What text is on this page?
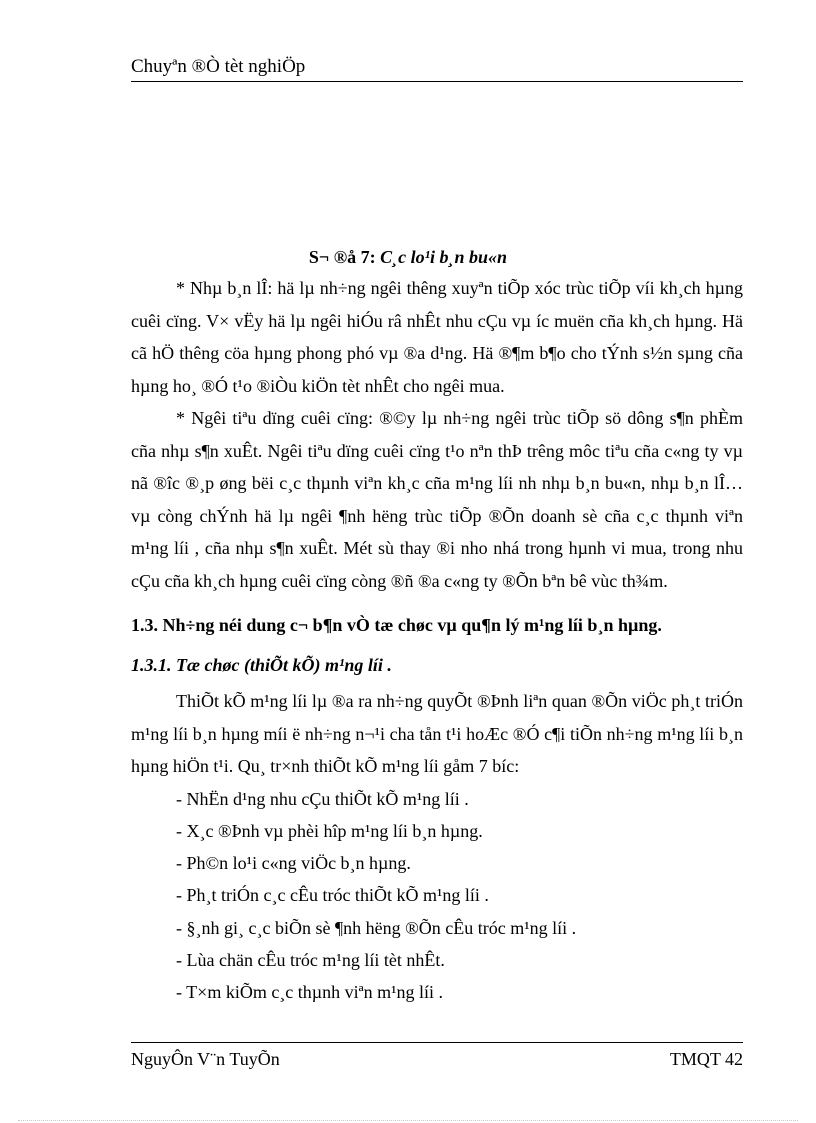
Chuyªn ®Ò tèt nghiÖp
S¬ ®å 7: C¸c lo¹i b¸n bu«n

* Nhµ b¸n lÎ: hä lµ nh÷ng ngêi thêng xuyªn tiÕp xóc trùc tiÕp víi kh¸ch hµng cuêi cïng. V× vËy hä lµ ngêi hiÓu râ nhÊt nhu cÇu vµ íc muën cña kh¸ch hµng. Hä cã hÖ thêng cöa hµng phong phó vµ ®a d¹ng. Hä ®¶m b¶o cho tÝnh s½n sµng cña hµng ho¸ ®Ó t¹o ®iÒu kiÖn tèt nhÊt cho ngêi mua.

* Ngêi tiªu dïng cuêi cïng: ®©y lµ nh÷ng ngêi trùc tiÕp sö dông s¶n phÈm cña nhµ s¶n xuÊt. Ngêi tiªu dïng cuêi cïng t¹o nªn thÞ trêng môc tiªu cña c«ng ty vµ nã ®îc ®¸p øng bëi c¸c thµnh viªn kh¸c cña m¹ng líi nh nhµ b¸n bu«n, nhµ b¸n lÎ… vµ còng chÝnh hä lµ ngêi ¶nh hëng trùc tiÕp ®Õn doanh sè cña c¸c thµnh viªn m¹ng líi , cña nhµ s¶n xuÊt. Mét sù thay ®i nho nhá trong hµnh vi mua, trong nhu cÇu cña kh¸ch hµng cuêi cïng còng ®ñ ®a c«ng ty ®Õn bªn bê vùc th¾m.

1.3. Nh÷ng néi dung c¬ b¶n vÒ tæ chøc vµ qu¶n lý m¹ng líi b¸n hµng.

1.3.1. Tæ chøc (thiÕt kÕ) m¹ng líi .

ThiÕt kÕ m¹ng líi lµ ®a ra nh÷ng quyÕt ®Þnh liªn quan ®Õn viÖc ph¸t triÓn m¹ng líi b¸n hµng míi ë nh÷ng n¬¹i cha tån t¹i hoÆc ®Ó c¶i tiÕn nh÷ng m¹ng líi b¸n hµng hiÖn t¹i. Qu¸ tr×nh thiÕt kÕ m¹ng líi gåm 7 bíc:

- NhËn d¹ng nhu cÇu thiÕt kÕ m¹ng líi .

- X¸c ®Þnh vµ phèi hîp m¹ng líi b¸n hµng.

- Ph©n lo¹i c«ng viÖc b¸n hµng.

- Ph¸t triÓn c¸c cÊu tróc thiÕt kÕ m¹ng líi .

- §¸nh gi¸ c¸c biÕn sè ¶nh hëng ®Õn cÊu tróc m¹ng líi .

- Lùa chän cÊu tróc m¹ng líi tèt nhÊt.

- T×m kiÕm c¸c thµnh viªn m¹ng líi .

NguyÔn V¨n TuyÕn	TMQT 42
